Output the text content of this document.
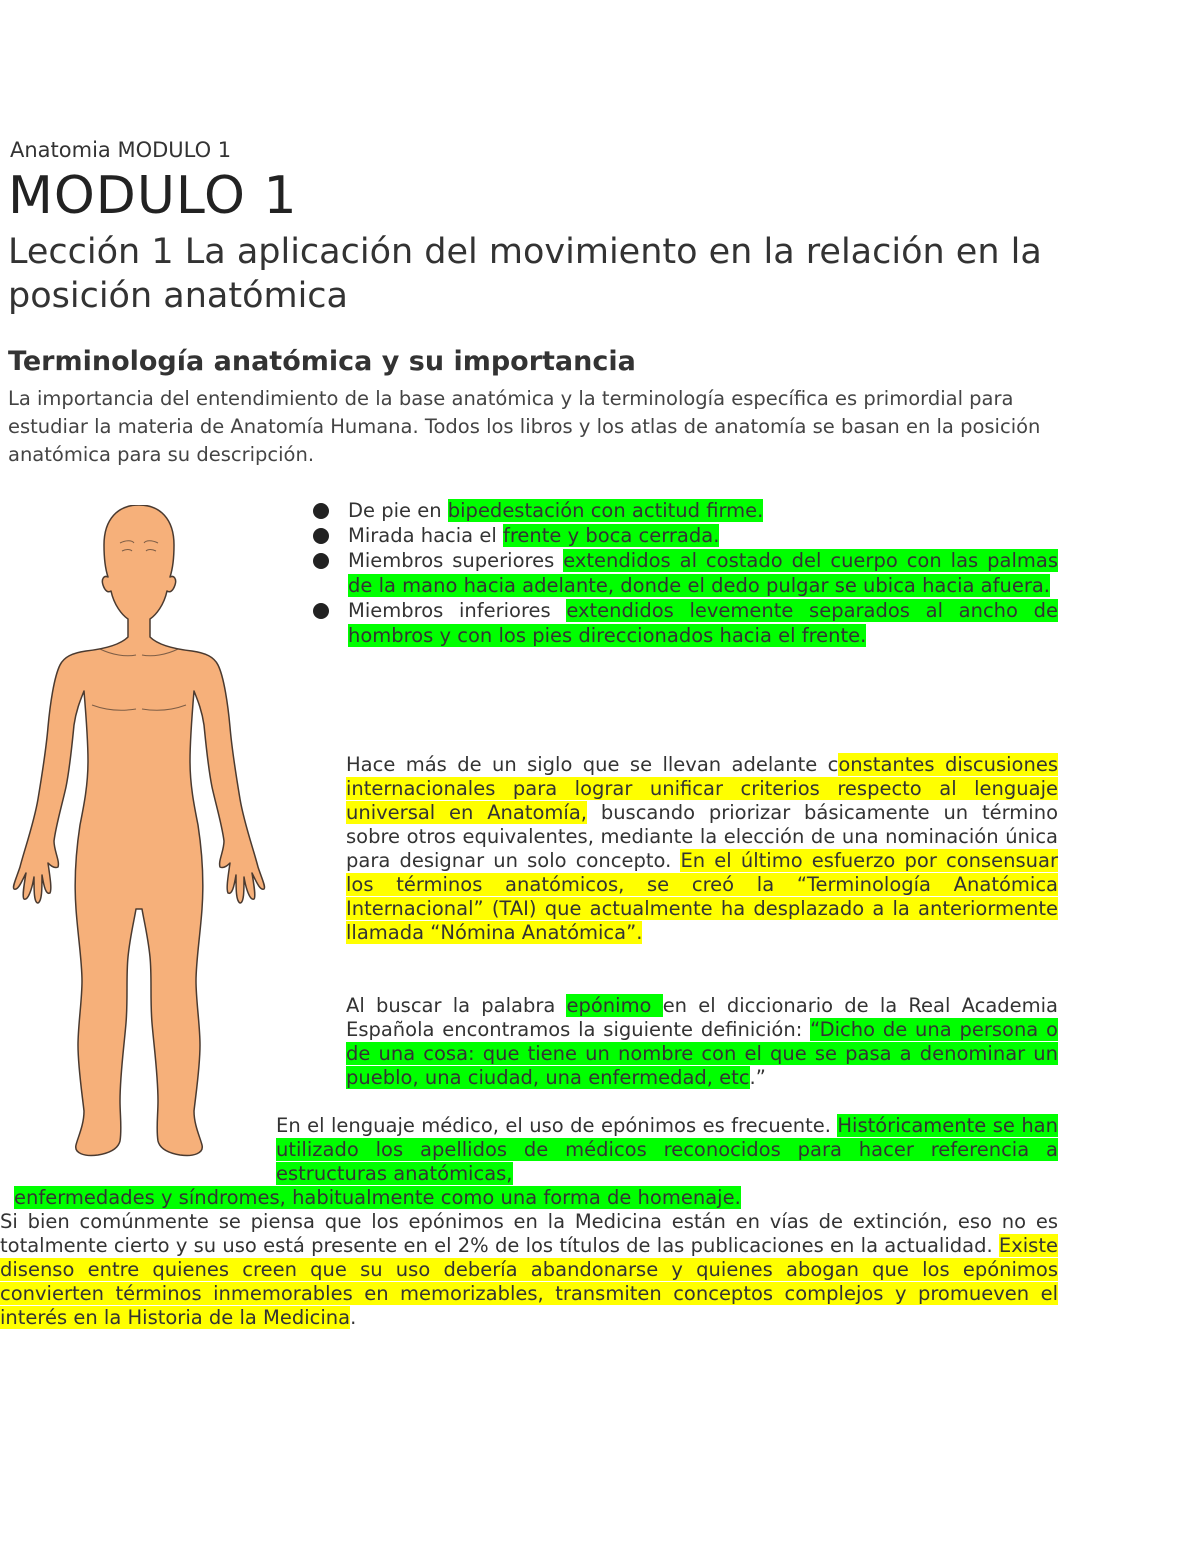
Anatomia MODULO 1
MODULO 1
Lección 1 La aplicación del movimiento en la relación en la posición anatómica
Terminología anatómica y su importancia
La importancia del entendimiento de la base anatómica y la terminología específica es primordial para estudiar la materia de Anatomía Humana. Todos los libros y los atlas de anatomía se basan en la posición anatómica para su descripción.
De pie en bipedestación con actitud firme.
Mirada hacia el frente y boca cerrada.
Miembros superiores extendidos al costado del cuerpo con las palmas de la mano hacia adelante, donde el dedo pulgar se ubica hacia afuera.
Miembros inferiores extendidos levemente separados al ancho de hombros y con los pies direccionados hacia el frente.
Hace más de un siglo que se llevan adelante constantes discusiones internacionales para lograr unificar criterios respecto al lenguaje universal en Anatomía, buscando priorizar básicamente un término sobre otros equivalentes, mediante la elección de una nominación única para designar un solo concepto. En el último esfuerzo por consensuar los términos anatómicos, se creó la “Terminología Anatómica Internacional” (TAI) que actualmente ha desplazado a la anteriormente llamada “Nómina Anatómica”.
Al buscar la palabra epónimo en el diccionario de la Real Academia Española encontramos la siguiente definición: “Dicho de una persona o de una cosa: que tiene un nombre con el que se pasa a denominar un pueblo, una ciudad, una enfermedad, etc.”
En el lenguaje médico, el uso de epónimos es frecuente. Históricamente se han utilizado los apellidos de médicos reconocidos para hacer referencia a estructuras anatómicas,
enfermedades y síndromes, habitualmente como una forma de homenaje.
Si bien comúnmente se piensa que los epónimos en la Medicina están en vías de extinción, eso no es totalmente cierto y su uso está presente en el 2% de los títulos de las publicaciones en la actualidad. Existe disenso entre quienes creen que su uso debería abandonarse y quienes abogan que los epónimos convierten términos inmemorables en memorizables, transmiten conceptos complejos y promueven el interés en la Historia de la Medicina.
